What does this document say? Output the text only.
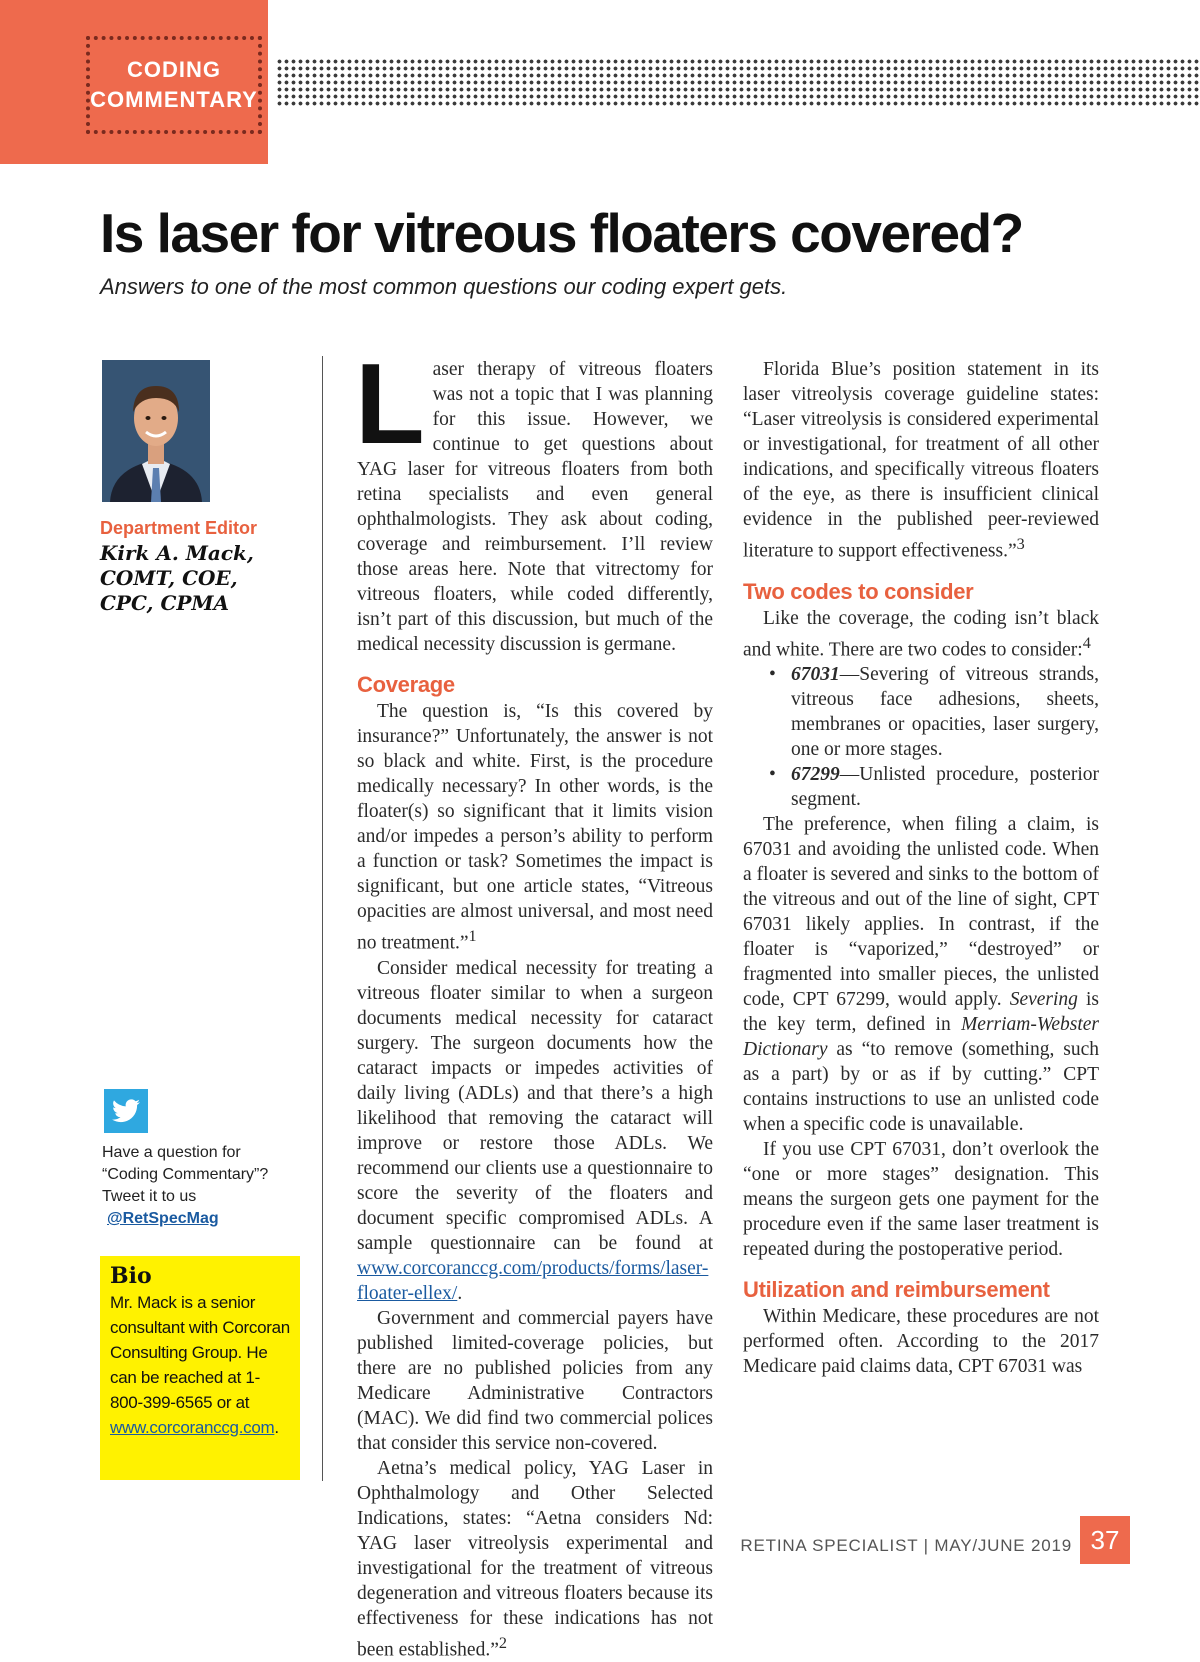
CODING
COMMENTARY
Is laser for vitreous floaters covered?
Answers to one of the most common questions our coding expert gets.
Department Editor
Kirk A. Mack,
COMT, COE,
CPC, CPMA
Have a question for
“Coding Commentary”?
Tweet it to us
@RetSpecMag
Bio
Mr. Mack is a senior consultant with Corcoran Consulting Group. He can be reached at 1-800-399-6565 or at www.corcoranccg.com.

Laser therapy of vitreous floaters was not a topic that I was planning for this issue. However, we continue to get questions about YAG laser for vitreous floaters from both retina specialists and even general ophthalmologists. They ask about coding, coverage and reimbursement. I’ll review those areas here. Note that vitrectomy for vitreous floaters, while coded differently, isn’t part of this discussion, but much of the medical necessity discussion is germane.

Coverage

The question is, “Is this covered by insurance?” Unfortunately, the answer is not so black and white. First, is the procedure medically necessary? In other words, is the floater(s) so significant that it limits vision and/or impedes a person’s ability to perform a function or task? Sometimes the impact is significant, but one article states, “Vitreous opacities are almost universal, and most need no treatment.”$^1$

Consider medical necessity for treating a vitreous floater similar to when a surgeon documents medical necessity for cataract surgery. The surgeon documents how the cataract impacts or impedes activities of daily living (ADLs) and that there’s a high likelihood that removing the cataract will improve or restore those ADLs. We recommend our clients use a questionnaire to score the severity of the floaters and document specific compromised ADLs. A sample questionnaire can be found at www.corcoranccg.com/products/forms/laser-floater-ellex/.

Government and commercial payers have published limited-coverage policies, but there are no published policies from any Medicare Administrative Contractors (MAC). We did find two commercial polices that consider this service non-covered.

Aetna’s medical policy, YAG Laser in Ophthalmology and Other Selected Indications, states: “Aetna considers Nd: YAG laser vitreolysis experimental and investigational for the treatment of vitreous degeneration and vitreous floaters because its effectiveness for these indications has not been established.”$^2$

Florida Blue’s position statement in its laser vitreolysis coverage guideline states: “Laser vitreolysis is considered experimental or investigational, for treatment of all other indications, and specifically vitreous floaters of the eye, as there is insufficient clinical evidence in the published peer-reviewed literature to support effectiveness.”$^3$

Two codes to consider

Like the coverage, the coding isn’t black and white. There are two codes to consider:$^4$

• 67031—Severing of vitreous strands, vitreous face adhesions, sheets, membranes or opacities, laser surgery, one or more stages.

• 67299—Unlisted procedure, posterior segment.

The preference, when filing a claim, is 67031 and avoiding the unlisted code. When a floater is severed and sinks to the bottom of the vitreous and out of the line of sight, CPT 67031 likely applies. In contrast, if the floater is “vaporized,” “destroyed” or fragmented into smaller pieces, the unlisted code, CPT 67299, would apply. Severing is the key term, defined in Merriam-Webster Dictionary as “to remove (something, such as a part) by or as if by cutting.” CPT contains instructions to use an unlisted code when a specific code is unavailable.

If you use CPT 67031, don’t overlook the “one or more stages” designation. This means the surgeon gets one payment for the procedure even if the same laser treatment is repeated during the postoperative period.

Utilization and reimbursement

Within Medicare, these procedures are not performed often. According to the 2017 Medicare paid claims data, CPT 67031 was

RETINA SPECIALIST | MAY/JUNE 2019 37
